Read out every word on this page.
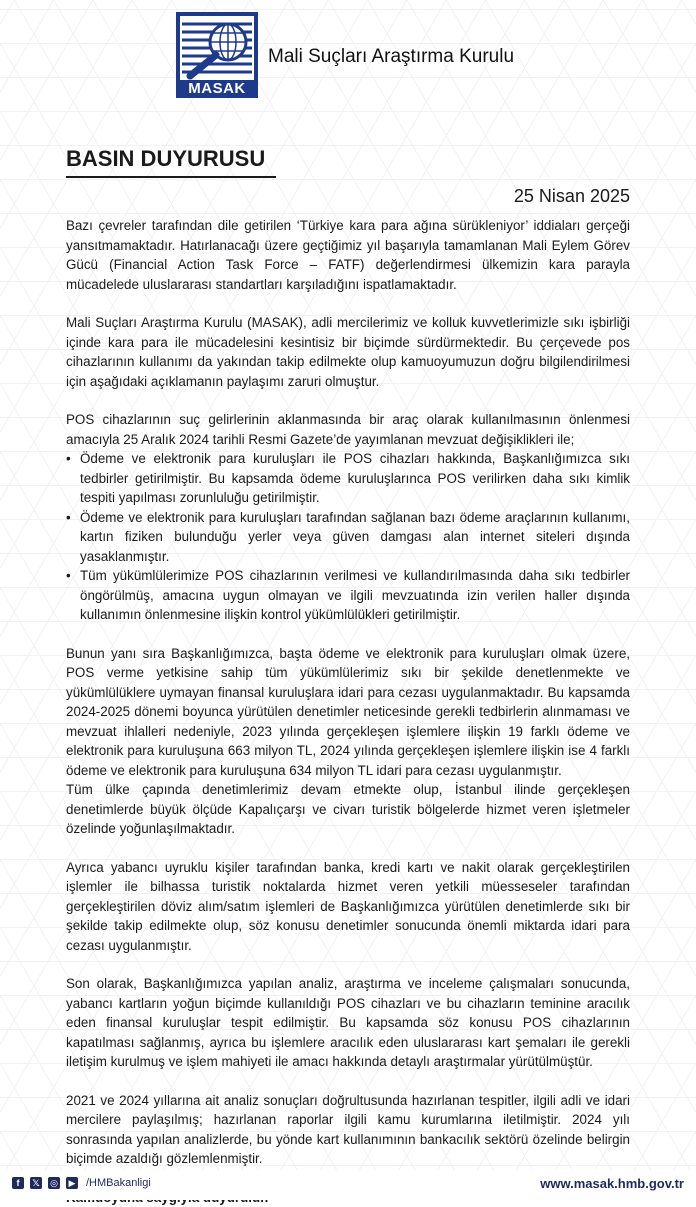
MASAK
Mali Suçları Araştırma Kurulu
BASIN DUYURUSU
25 Nisan 2025

Bazı çevreler tarafından dile getirilen ‘Türkiye kara para ağına sürükleniyor’ iddiaları gerçeği yansıtmamaktadır. Hatırlanacağı üzere geçtiğimiz yıl başarıyla tamamlanan Mali Eylem Görev Gücü (Financial Action Task Force – FATF) değerlendirmesi ülkemizin kara parayla mücadelede uluslararası standartları karşıladığını ispatlamaktadır.

Mali Suçları Araştırma Kurulu (MASAK), adli mercilerimiz ve kolluk kuvvetlerimizle sıkı işbirliği içinde kara para ile mücadelesini kesintisiz bir biçimde sürdürmektedir. Bu çerçevede pos cihazlarının kullanımı da yakından takip edilmekte olup kamuoyumuzun doğru bilgilendirilmesi için aşağıdaki açıklamanın paylaşımı zaruri olmuştur.

POS cihazlarının suç gelirlerinin aklanmasında bir araç olarak kullanılmasının önlenmesi amacıyla 25 Aralık 2024 tarihli Resmi Gazete’de yayımlanan mevzuat değişiklikleri ile;

• Ödeme ve elektronik para kuruluşları ile POS cihazları hakkında, Başkanlığımızca sıkı tedbirler getirilmiştir. Bu kapsamda ödeme kuruluşlarınca POS verilirken daha sıkı kimlik tespiti yapılması zorunluluğu getirilmiştir.
• Ödeme ve elektronik para kuruluşları tarafından sağlanan bazı ödeme araçlarının kullanımı, kartın fiziken bulunduğu yerler veya güven damgası alan internet siteleri dışında yasaklanmıştır.
• Tüm yükümlülerimize POS cihazlarının verilmesi ve kullandırılmasında daha sıkı tedbirler öngörülmüş, amacına uygun olmayan ve ilgili mevzuatında izin verilen haller dışında kullanımın önlenmesine ilişkin kontrol yükümlülükleri getirilmiştir.

Bunun yanı sıra Başkanlığımızca, başta ödeme ve elektronik para kuruluşları olmak üzere, POS verme yetkisine sahip tüm yükümlülerimiz sıkı bir şekilde denetlenmekte ve yükümlülüklere uymayan finansal kuruluşlara idari para cezası uygulanmaktadır. Bu kapsamda 2024-2025 dönemi boyunca yürütülen denetimler neticesinde gerekli tedbirlerin alınmaması ve mevzuat ihlalleri nedeniyle, 2023 yılında gerçekleşen işlemlere ilişkin 19 farklı ödeme ve elektronik para kuruluşuna 663 milyon TL, 2024 yılında gerçekleşen işlemlere ilişkin ise 4 farklı ödeme ve elektronik para kuruluşuna 634 milyon TL idari para cezası uygulanmıştır.

Tüm ülke çapında denetimlerimiz devam etmekte olup, İstanbul ilinde gerçekleşen denetimlerde büyük ölçüde Kapalıçarşı ve civarı turistik bölgelerde hizmet veren işletmeler özelinde yoğunlaşılmaktadır.

Ayrıca yabancı uyruklu kişiler tarafından banka, kredi kartı ve nakit olarak gerçekleştirilen işlemler ile bilhassa turistik noktalarda hizmet veren yetkili müesseseler tarafından gerçekleştirilen döviz alım/satım işlemleri de Başkanlığımızca yürütülen denetimlerde sıkı bir şekilde takip edilmekte olup, söz konusu denetimler sonucunda önemli miktarda idari para cezası uygulanmıştır.

Son olarak, Başkanlığımızca yapılan analiz, araştırma ve inceleme çalışmaları sonucunda, yabancı kartların yoğun biçimde kullanıldığı POS cihazları ve bu cihazların teminine aracılık eden finansal kuruluşlar tespit edilmiştir. Bu kapsamda söz konusu POS cihazlarının kapatılması sağlanmış, ayrıca bu işlemlere aracılık eden uluslararası kart şemaları ile gerekli iletişim kurulmuş ve işlem mahiyeti ile amacı hakkında detaylı araştırmalar yürütülmüştür.

2021 ve 2024 yıllarına ait analiz sonuçları doğrultusunda hazırlanan tespitler, ilgili adli ve idari mercilere paylaşılmış; hazırlanan raporlar ilgili kamu kurumlarına iletilmiştir. 2024 yılı sonrasında yapılan analizlerde, bu yönde kart kullanımının bankacılık sektörü özelinde belirgin biçimde azaldığı gözlemlenmiştir.

f	𝕏 ◎ ▶ /HMBakanligi	www.masak.hmb.gov.tr
